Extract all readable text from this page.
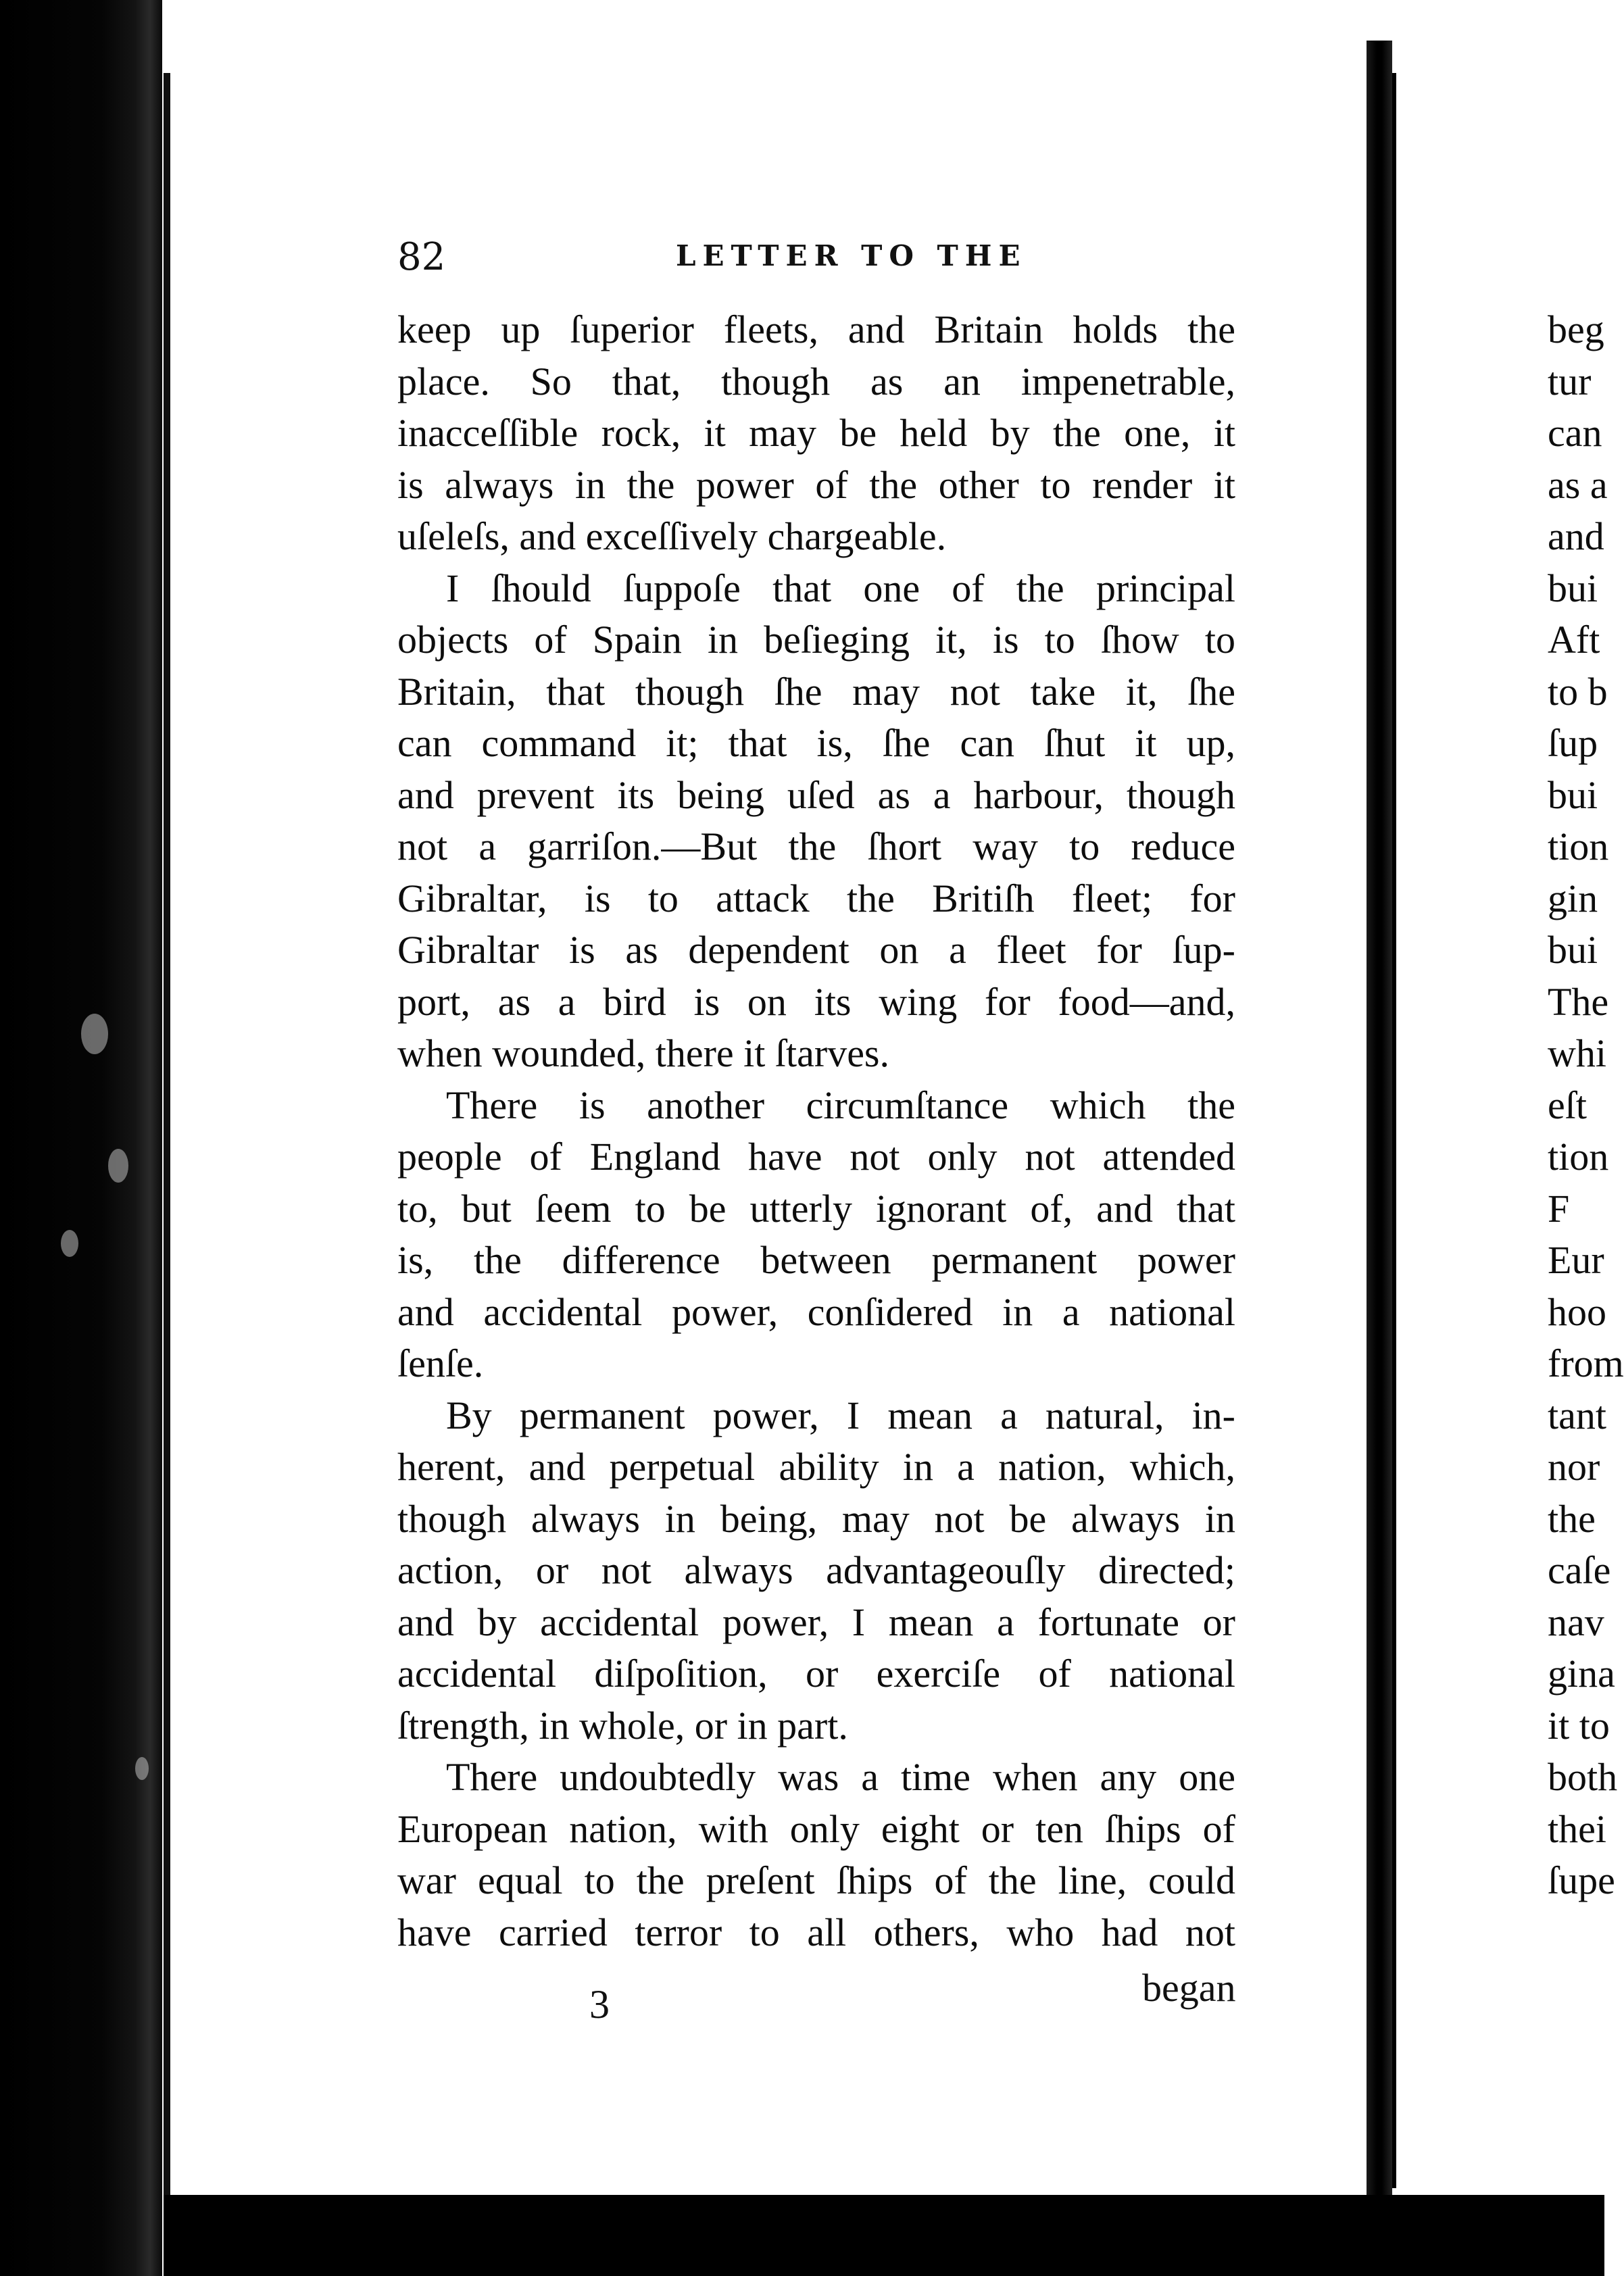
82	LETTER TO THE

keep up ſuperior fleets, and Britain holds the

place. So that, though as an impenetrable,

inacceſſible rock, it may be held by the one, it

is always in the power of the other to render it

uſeleſs, and exceſſively chargeable.

I ſhould ſuppoſe that one of the principal

objects of Spain in beſieging it, is to ſhow to

Britain, that though ſhe may not take it, ſhe

can command it; that is, ſhe can ſhut it up,

and prevent its being uſed as a harbour, though

not a garriſon.—But the ſhort way to reduce

Gibraltar, is to attack the Britiſh fleet; for

Gibraltar is as dependent on a fleet for ſup-

port, as a bird is on its wing for food—and,

when wounded, there it ſtarves.

There is another circumſtance which the

people of England have not only not attended

to, but ſeem to be utterly ignorant of, and that

is, the difference between permanent power

and accidental power, conſidered in a national

ſenſe.

By permanent power, I mean a natural, in-

herent, and perpetual ability in a nation, which,

though always in being, may not be always in

action, or not always advantageouſly directed;

and by accidental power, I mean a fortunate or

accidental diſpoſition, or exerciſe of national

ſtrength, in whole, or in part.

There undoubtedly was a time when any one

European nation, with only eight or ten ſhips of

war equal to the preſent ſhips of the line, could

have carried terror to all others, who had not

3	began
beg
tur
can
as a
and
bui
Aft
to b
ſup
bui
tion
gin
bui
The
whi
eſt
tion
F
Eur
hoo
from
tant
nor
the
caſe
nav
gina
it to
both
thei
ſupe
